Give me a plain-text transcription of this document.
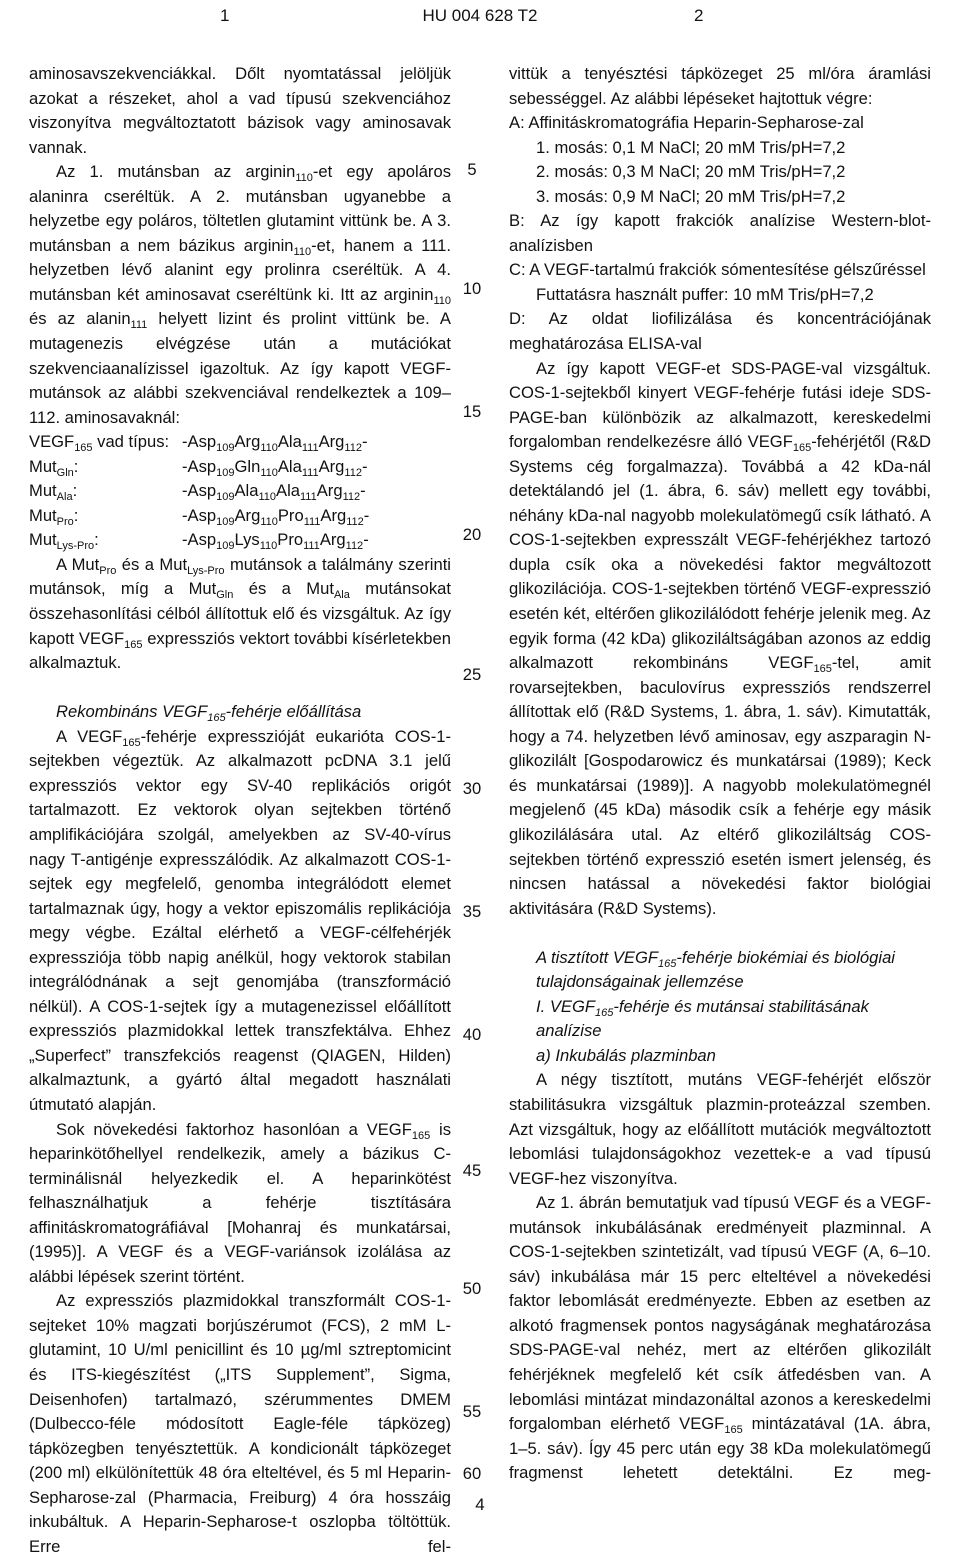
1	HU 004 628 T2	2

aminosavszekvenciákkal. Dőlt nyomtatással jelöljük azokat a részeket, ahol a vad típusú szekvenciához viszonyítva megváltoztatott bázisok vagy aminosavak vannak.

Az 1. mutánsban az arginin$_{110}$-et egy apoláros alaninra cseréltük. A 2. mutánsban ugyanebbe a helyzetbe egy poláros, töltetlen glutamint vittünk be. A 3. mutánsban a nem bázikus arginin$_{110}$-et, hanem a 111. helyzetben lévő alanint egy prolinra cseréltük. A 4. mutánsban két aminosavat cseréltünk ki. Itt az arginin$_{110}$ és az alanin$_{111}$ helyett lizint és prolint vittünk be. A mutagenezis elvégzése után a mutációkat szekvenciaanalízissel igazoltuk. Az így kapott VEGF-mutánsok az alábbi szekvenciával rendelkeztek a 109–112. aminosavaknál:

$VEGF_{165}$ vad típus: -Asp$_{109}$Arg$_{110}$Ala$_{111}$Arg$_{112}$-
Mut$_{Gln}$:	-Asp$_{109}$Gln$_{110}$Ala$_{111}$Arg$_{112}$-
Mut$_{Ala}$:	-Asp$_{109}$Ala$_{110}$Ala$_{111}$Arg$_{112}$-
Mut$_{Pro}$:	-Asp$_{109}$Arg$_{110}$Pro$_{111}$Arg$_{112}$-
Mut$_{Lys-Pro}$:	-Asp$_{109}$Lys$_{110}$Pro$_{111}$Arg$_{112}$-

A Mut$_{Pro}$ és a Mut$_{Lys-Pro}$ mutánsok a találmány szerinti mutánsok, míg a Mut$_{Gln}$ és a Mut$_{Ala}$ mutánsokat összehasonlítási célból állítottuk elő és vizsgáltuk. Az így kapott $VEGF_{165}$ expressziós vektort további kísérletekben alkalmaztuk.

Rekombináns $VEGF_{165}$-fehérje előállítása

A $VEGF_{165}$-fehérje expresszióját eukarióta COS-1-sejtekben végeztük. Az alkalmazott pcDNA 3.1 jelű expressziós vektor egy SV-40 replikációs origót tartalmazott. Ez vektorok olyan sejtekben történő amplifikációjára szolgál, amelyekben az SV-40-vírus nagy T-antigénje expresszálódik. Az alkalmazott COS-1-sejtek egy megfelelő, genomba integrálódott elemet tartalmaznak úgy, hogy a vektor episzomális replikációja megy végbe. Ezáltal elérhető a VEGF-célfehérjék expressziója több napig anélkül, hogy vektorok stabilan integrálódnának a sejt genomjába (transzformáció nélkül). A COS-1-sejtek így a mutagenezissel előállított expressziós plazmidokkal lettek transzfektálva. Ehhez „Superfect” transzfekciós reagenst (QIAGEN, Hilden) alkalmaztunk, a gyártó által megadott használati útmutató alapján.

Sok növekedési faktorhoz hasonlóan a $VEGF_{165}$ is heparinkötőhellyel rendelkezik, amely a bázikus C-terminálisnál helyezkedik el. A heparinkötést felhasználhatjuk a fehérje tisztítására affinitáskromatográfiával [Mohanraj és munkatársai, (1995)]. A VEGF és a VEGF-variánsok izolálása az alábbi lépések szerint történt.

Az expressziós plazmidokkal transzformált COS-1-sejteket 10% magzati borjúszérumot (FCS), 2 mM L-glutamint, 10 U/ml penicillint és 10 µg/ml sztreptomicint és ITS-kiegészítést („ITS Supplement”, Sigma, Deisenhofen) tartalmazó, szérummentes DMEM (Dulbecco-féle módosított Eagle-féle tápközeg) tápközegben tenyésztettük. A kondicionált tápközeget (200 ml) elkülönítettük 48 óra elteltével, és 5 ml Heparin-Sepharose-zal (Pharmacia, Freiburg) 4 óra hosszáig inkubáltuk. A Heparin-Sepharose-t oszlopba töltöttük. Erre fel-

5
10
15
20
25
30
35
40
45
50
55
60

vittük a tenyésztési tápközeget 25 ml/óra áramlási sebességgel. Az alábbi lépéseket hajtottuk végre:

A: Affinitáskromatográfia Heparin-Sepharose-zal
1. mosás: 0,1 M NaCl; 20 mM Tris/pH=7,2
2. mosás: 0,3 M NaCl; 20 mM Tris/pH=7,2
3. mosás: 0,9 M NaCl; 20 mM Tris/pH=7,2

B: Az így kapott frakciók analízise Western-blot-analízisben

C: A VEGF-tartalmú frakciók sómentesítése gélszűréssel

Futtatásra használt puffer: 10 mM Tris/pH=7,2

D: Az oldat liofilizálása és koncentrációjának meghatározása ELISA-val

Az így kapott VEGF-et SDS-PAGE-val vizsgáltuk. COS-1-sejtekből kinyert VEGF-fehérje futási ideje SDS-PAGE-ban különbözik az alkalmazott, kereskedelmi forgalomban rendelkezésre álló $VEGF_{165}$-fehérjétől (R&D Systems cég forgalmazza). Továbbá a 42 kDa-nál detektálandó jel (1. ábra, 6. sáv) mellett egy további, néhány kDa-nal nagyobb molekulatömegű csík látható. A COS-1-sejtekben expresszált VEGF-fehérjékhez tartozó dupla csík oka a növekedési faktor megváltozott glikozilációja. COS-1-sejtekben történő VEGF-expresszió esetén két, eltérően glikozilálódott fehérje jelenik meg. Az egyik forma (42 kDa) glikoziláltságában azonos az eddig alkalmazott rekombináns $VEGF_{165}$-tel, amit rovarsejtekben, baculovírus expressziós rendszerrel állítottak elő (R&D Systems, 1. ábra, 1. sáv). Kimutatták, hogy a 74. helyzetben lévő aminosav, egy aszparagin N-glikozilált [Gospodarowicz és munkatársai (1989); Keck és munkatársai (1989)]. A nagyobb molekulatömegnél megjelenő (45 kDa) második csík a fehérje egy másik glikozilálására utal. Az eltérő glikoziláltság COS-sejtekben történő expresszió esetén ismert jelenség, és nincsen hatással a növekedési faktor biológiai aktivitására (R&D Systems).

A tisztított $VEGF_{165}$-fehérje biokémiai és biológiai tulajdonságainak jellemzése
I. $VEGF_{165}$-fehérje és mutánsai stabilitásának analízise
a) Inkubálás plazminban

A négy tisztított, mutáns VEGF-fehérjét először stabilitásukra vizsgáltuk plazmin-proteázzal szemben. Azt vizsgáltuk, hogy az előállított mutációk megváltoztott lebomlási tulajdonságokhoz vezettek-e a vad típusú VEGF-hez viszonyítva.

Az 1. ábrán bemutatjuk vad típusú VEGF és a VEGF-mutánsok inkubálásának eredményeit plazminnal. A COS-1-sejtekben szintetizált, vad típusú VEGF (A, 6–10. sáv) inkubálása már 15 perc elteltével a növekedési faktor lebomlását eredményezte. Ebben az esetben az alkotó fragmensek pontos nagyságának meghatározása SDS-PAGE-val nehéz, mert az eltérően glikozilált fehérjéknek megfelelő két csík átfedésben van. A lebomlási mintázat mindazonáltal azonos a kereskedelmi forgalomban elérhető $VEGF_{165}$ mintázatával (1A. ábra, 1–5. sáv). Így 45 perc után egy 38 kDa molekulatömegű fragmenst lehetett detektálni. Ez meg-

4
